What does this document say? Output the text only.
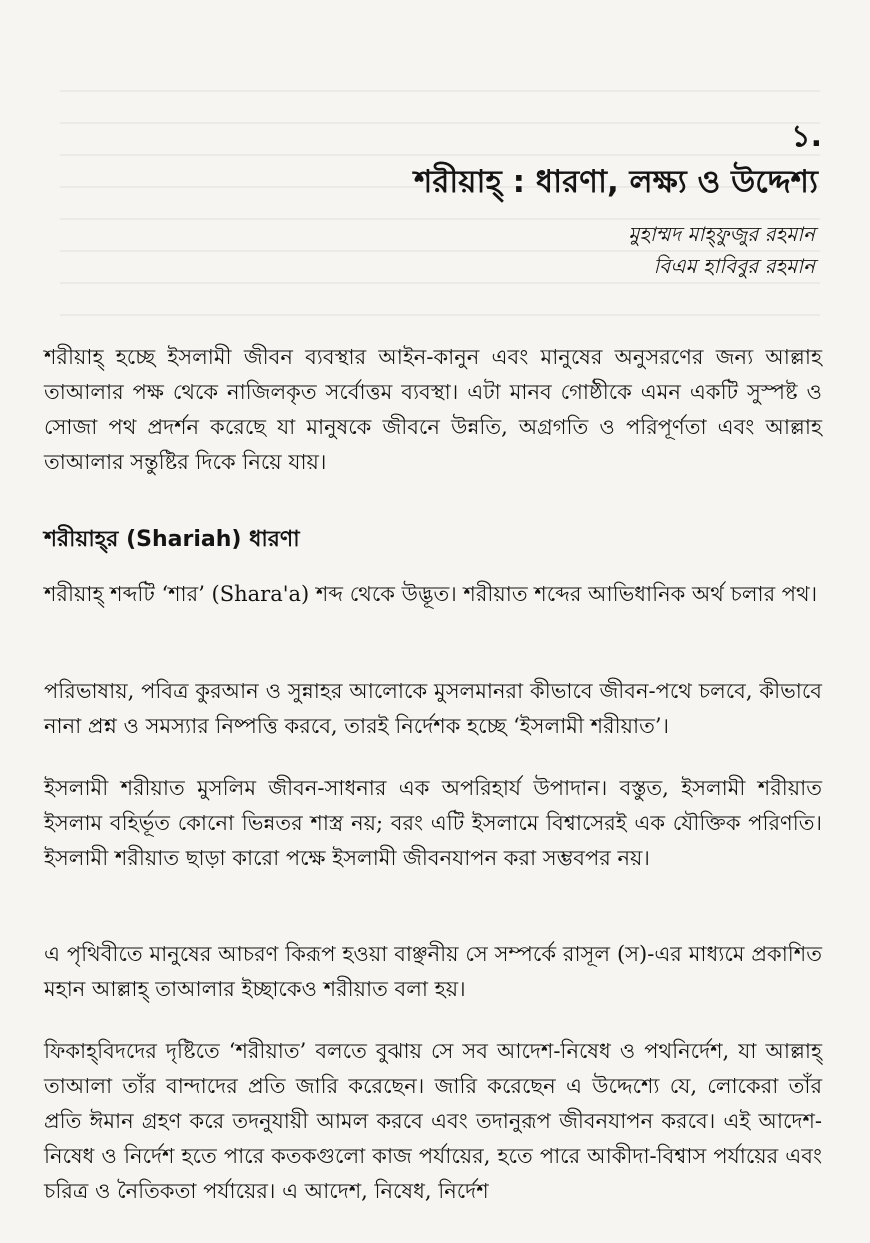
১.
শরীয়াহ্ : ধারণা, লক্ষ্য ও উদ্দেশ্য
মুহাম্মদ মাহ্ফুজুর রহমান
বিএম হাবিবুর রহমান

শরীয়াহ্ হচ্ছে ইসলামী জীবন ব্যবস্থার আইন-কানুন এবং মানুষের অনুসরণের জন্য আল্লাহ তাআলার পক্ষ থেকে নাজিলকৃত সর্বোত্তম ব্যবস্থা। এটা মানব গোষ্ঠীকে এমন একটি সুস্পষ্ট ও সোজা পথ প্রদর্শন করেছে যা মানুষকে জীবনে উন্নতি, অগ্রগতি ও পরিপূর্ণতা এবং আল্লাহ তাআলার সন্তুষ্টির দিকে নিয়ে যায়।

শরীয়াহ্‌র (Shariah) ধারণা

শরীয়াহ্ শব্দটি ‘শার’ (Shara'a) শব্দ থেকে উদ্ভূত। শরীয়াত শব্দের আভিধানিক অর্থ চলার পথ।

পরিভাষায়, পবিত্র কুরআন ও সুন্নাহর আলোকে মুসলমানরা কীভাবে জীবন-পথে চলবে, কীভাবে নানা প্রশ্ন ও সমস্যার নিষ্পত্তি করবে, তারই নির্দেশক হচ্ছে ‘ইসলামী শরীয়াত’।

ইসলামী শরীয়াত মুসলিম জীবন-সাধনার এক অপরিহার্য উপাদান। বস্তুত, ইসলামী শরীয়াত ইসলাম বহির্ভূত কোনো ভিন্নতর শাস্ত্র নয়; বরং এটি ইসলামে বিশ্বাসেরই এক যৌক্তিক পরিণতি। ইসলামী শরীয়াত ছাড়া কারো পক্ষে ইসলামী জীবনযাপন করা সম্ভবপর নয়।

এ পৃথিবীতে মানুষের আচরণ কিরূপ হওয়া বাঞ্ছনীয় সে সম্পর্কে রাসূল (স)-এর মাধ্যমে প্রকাশিত মহান আল্লাহ্ তাআলার ইচ্ছাকেও শরীয়াত বলা হয়।

ফিকাহ্‌বিদদের দৃষ্টিতে ‘শরীয়াত’ বলতে বুঝায় সে সব আদেশ-নিষেধ ও পথনির্দেশ, যা আল্লাহ্ তাআলা তাঁর বান্দাদের প্রতি জারি করেছেন। জারি করেছেন এ উদ্দেশ্যে যে, লোকেরা তাঁর প্রতি ঈমান গ্রহণ করে তদনুযায়ী আমল করবে এবং তদানুরূপ জীবনযাপন করবে। এই আদেশ-নিষেধ ও নির্দেশ হতে পারে কতকগুলো কাজ পর্যায়ের, হতে পারে আকীদা-বিশ্বাস পর্যায়ের এবং চরিত্র ও নৈতিকতা পর্যায়ের। এ আদেশ, নিষেধ, নির্দেশ
